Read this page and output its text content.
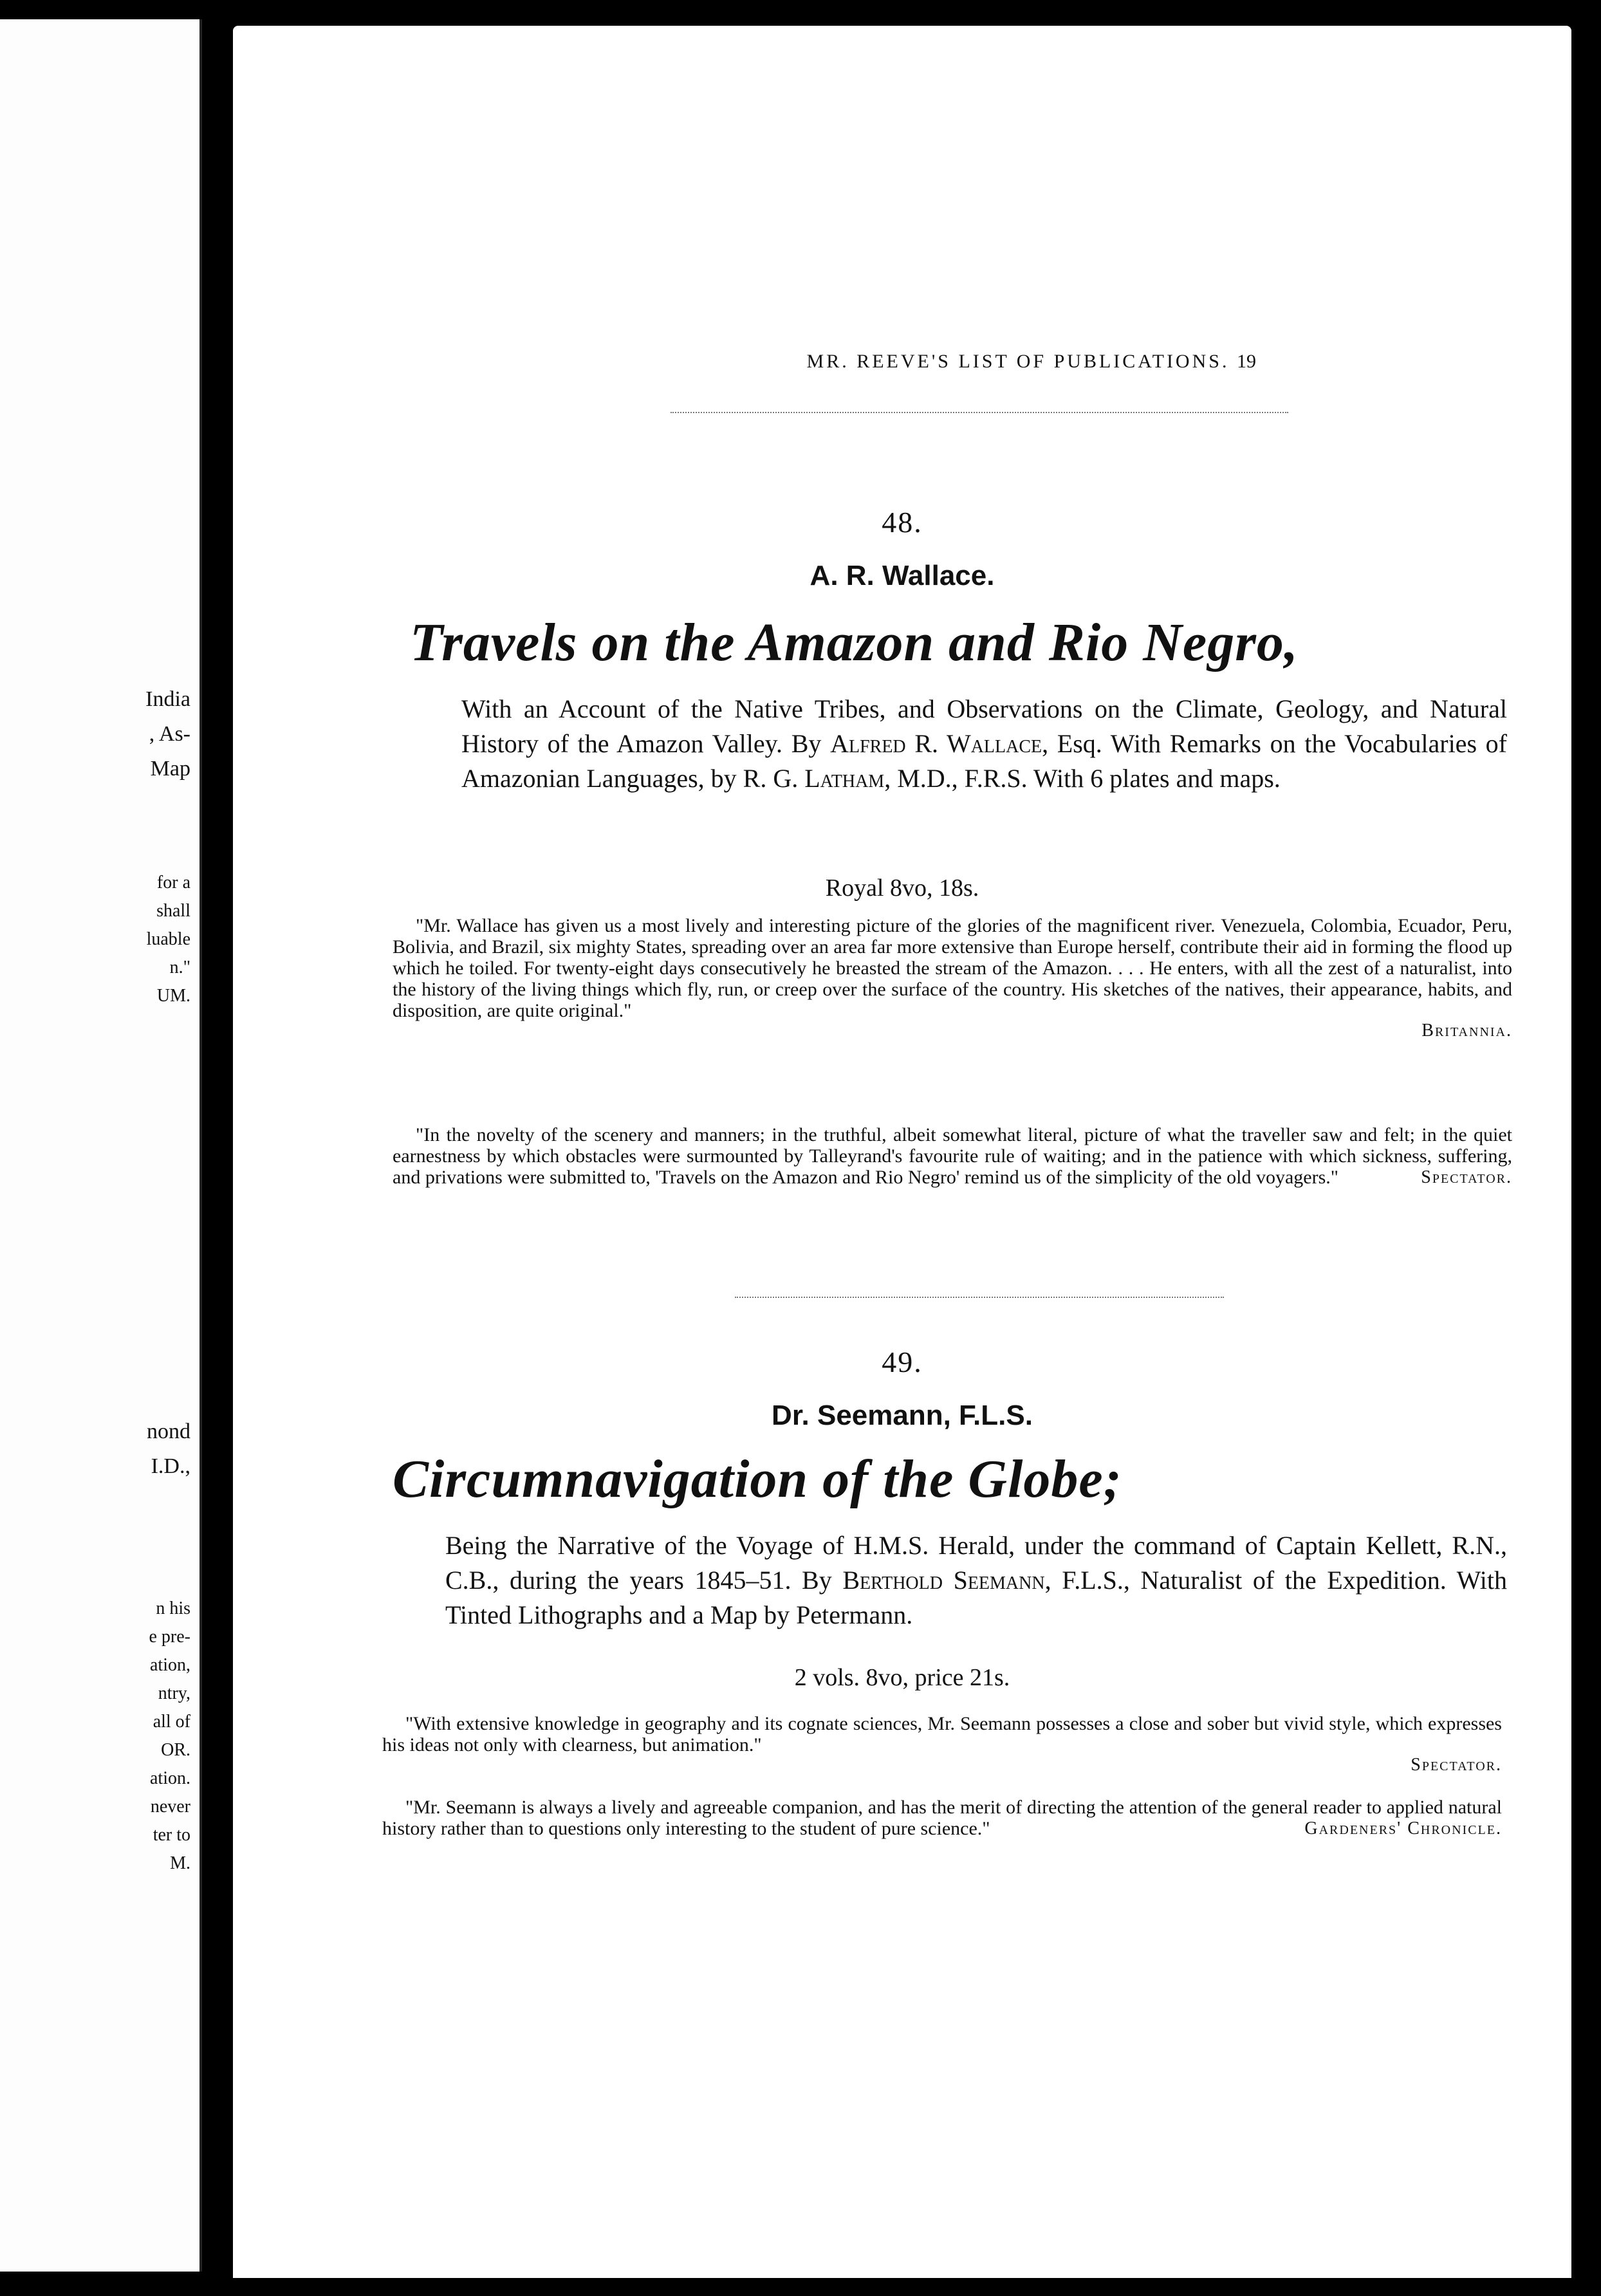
India
, As-
Map
for a
shall
luable
n."
UM.
nond
I.D.,
n his
e pre-
ation,
ntry,
all of
OR.
ation.
never
ter to
M.
MR. REEVE'S LIST OF PUBLICATIONS. 19
48.
A. R. Wallace.
Travels on the Amazon and Rio Negro,
With an Account of the Native Tribes, and Observations on the Climate, Geology, and Natural History of the Amazon Valley. By Alfred R. Wallace, Esq. With Remarks on the Vocabularies of Amazonian Languages, by R. G. Latham, M.D., F.R.S. With 6 plates and maps.
Royal 8vo, 18s.
"Mr. Wallace has given us a most lively and interesting picture of the glories of the magnificent river. Venezuela, Colombia, Ecuador, Peru, Bolivia, and Brazil, six mighty States, spreading over an area far more extensive than Europe herself, contribute their aid in forming the flood up which he toiled. For twenty-eight days consecutively he breasted the stream of the Amazon. . . . He enters, with all the zest of a naturalist, into the history of the living things which fly, run, or creep over the surface of the country. His sketches of the natives, their appearance, habits, and disposition, are quite original."
Britannia.
"In the novelty of the scenery and manners; in the truthful, albeit somewhat literal, picture of what the traveller saw and felt; in the quiet earnestness by which obstacles were surmounted by Talleyrand's favourite rule of waiting; and in the patience with which sickness, suffering, and privations were submitted to, 'Travels on the Amazon and Rio Negro' remind us of the simplicity of the old voyagers."	Spectator.
49.
Dr. Seemann, F.L.S.
Circumnavigation of the Globe;
Being the Narrative of the Voyage of H.M.S. Herald, under the command of Captain Kellett, R.N., C.B., during the years 1845–51. By Berthold Seemann, F.L.S., Naturalist of the Expedition. With Tinted Lithographs and a Map by Petermann.
2 vols. 8vo, price 21s.
"With extensive knowledge in geography and its cognate sciences, Mr. Seemann possesses a close and sober but vivid style, which expresses his ideas not only with clearness, but animation."
Spectator.
"Mr. Seemann is always a lively and agreeable companion, and has the merit of directing the attention of the general reader to applied natural history rather than to questions only interesting to the student of pure science."	Gardeners' Chronicle.
